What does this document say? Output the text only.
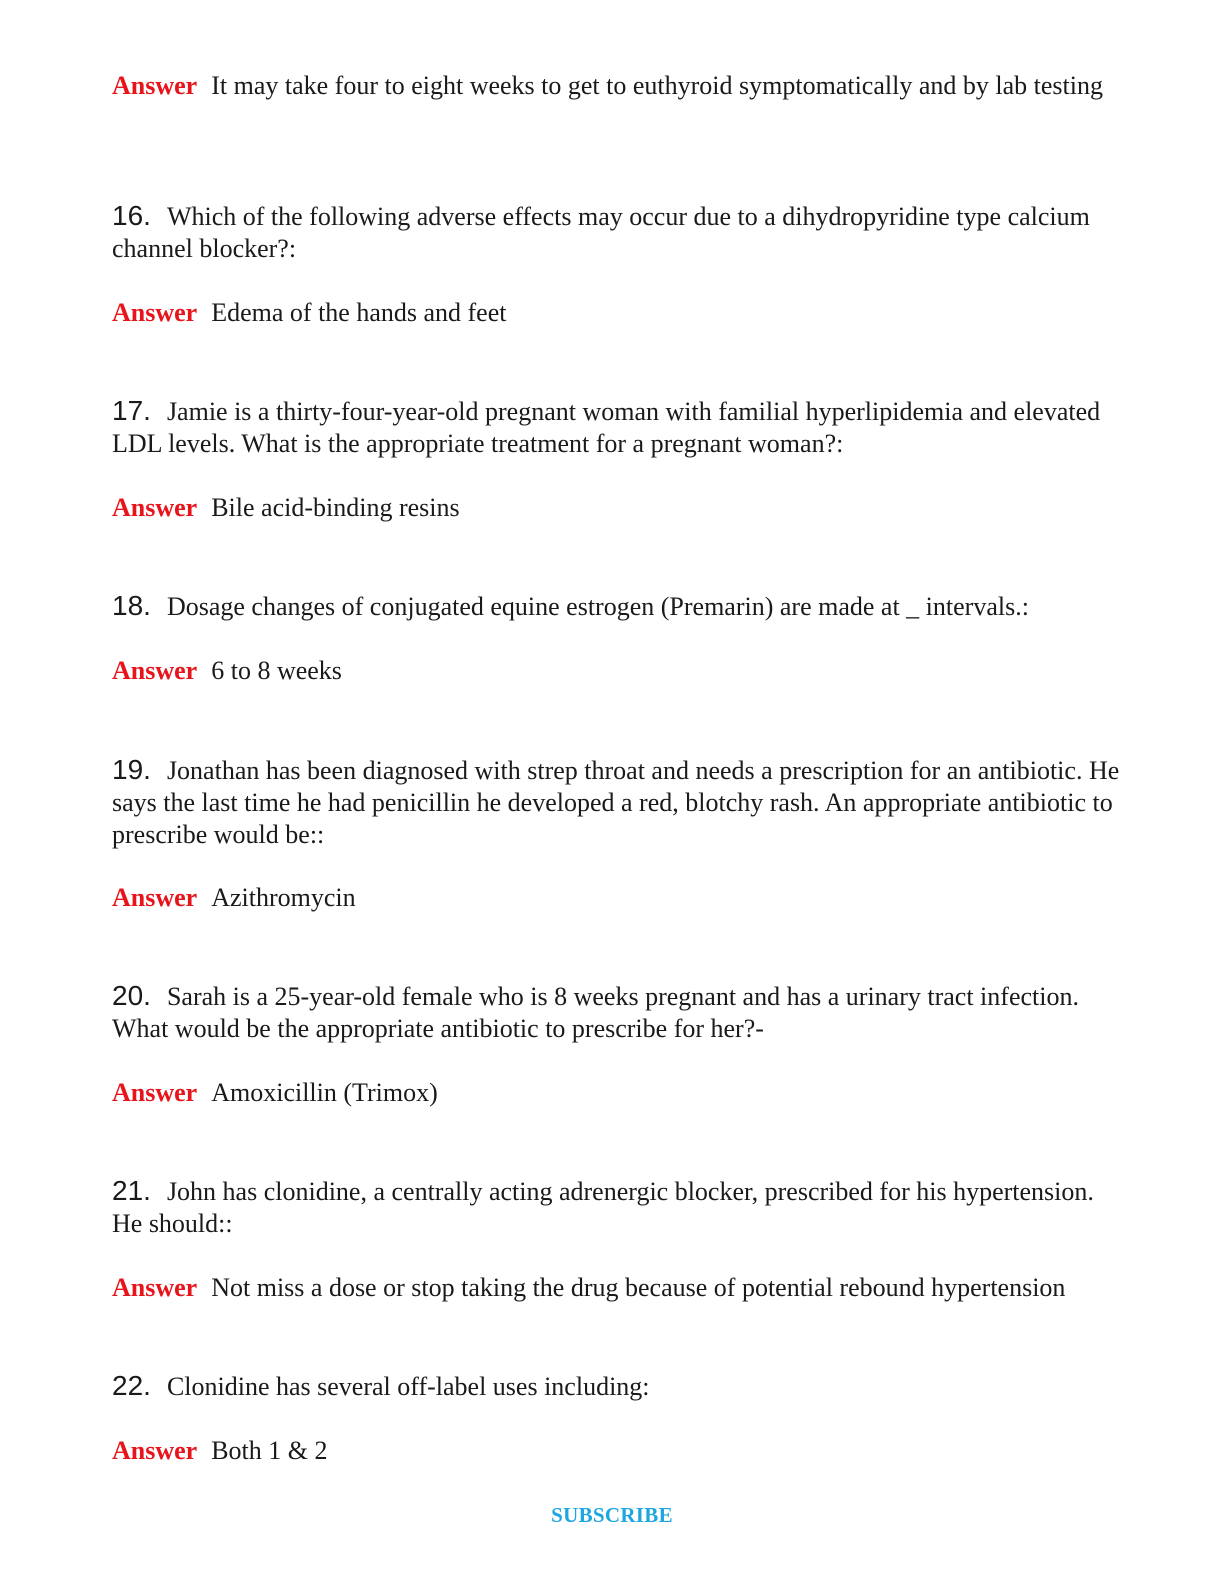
Answer It may take four to eight weeks to get to euthyroid symptomatically and by lab testing
16. Which of the following adverse effects may occur due to a dihydropyridine type calcium channel blocker?:
Answer Edema of the hands and feet
17. Jamie is a thirty-four-year-old pregnant woman with familial hyperlipidemia and elevated LDL levels. What is the appropriate treatment for a pregnant woman?:
Answer Bile acid-binding resins
18. Dosage changes of conjugated equine estrogen (Premarin) are made at _ intervals.:
Answer 6 to 8 weeks
19. Jonathan has been diagnosed with strep throat and needs a prescription for an antibiotic. He says the last time he had penicillin he developed a red, blotchy rash. An appropriate antibiotic to prescribe would be::
Answer Azithromycin
20. Sarah is a 25-year-old female who is 8 weeks pregnant and has a urinary tract infection. What would be the appropriate antibiotic to prescribe for her?-
Answer Amoxicillin (Trimox)
21. John has clonidine, a centrally acting adrenergic blocker, prescribed for his hypertension. He should::
Answer Not miss a dose or stop taking the drug because of potential rebound hypertension
22. Clonidine has several off-label uses including:
Answer Both 1 & 2
SUBSCRIBE
